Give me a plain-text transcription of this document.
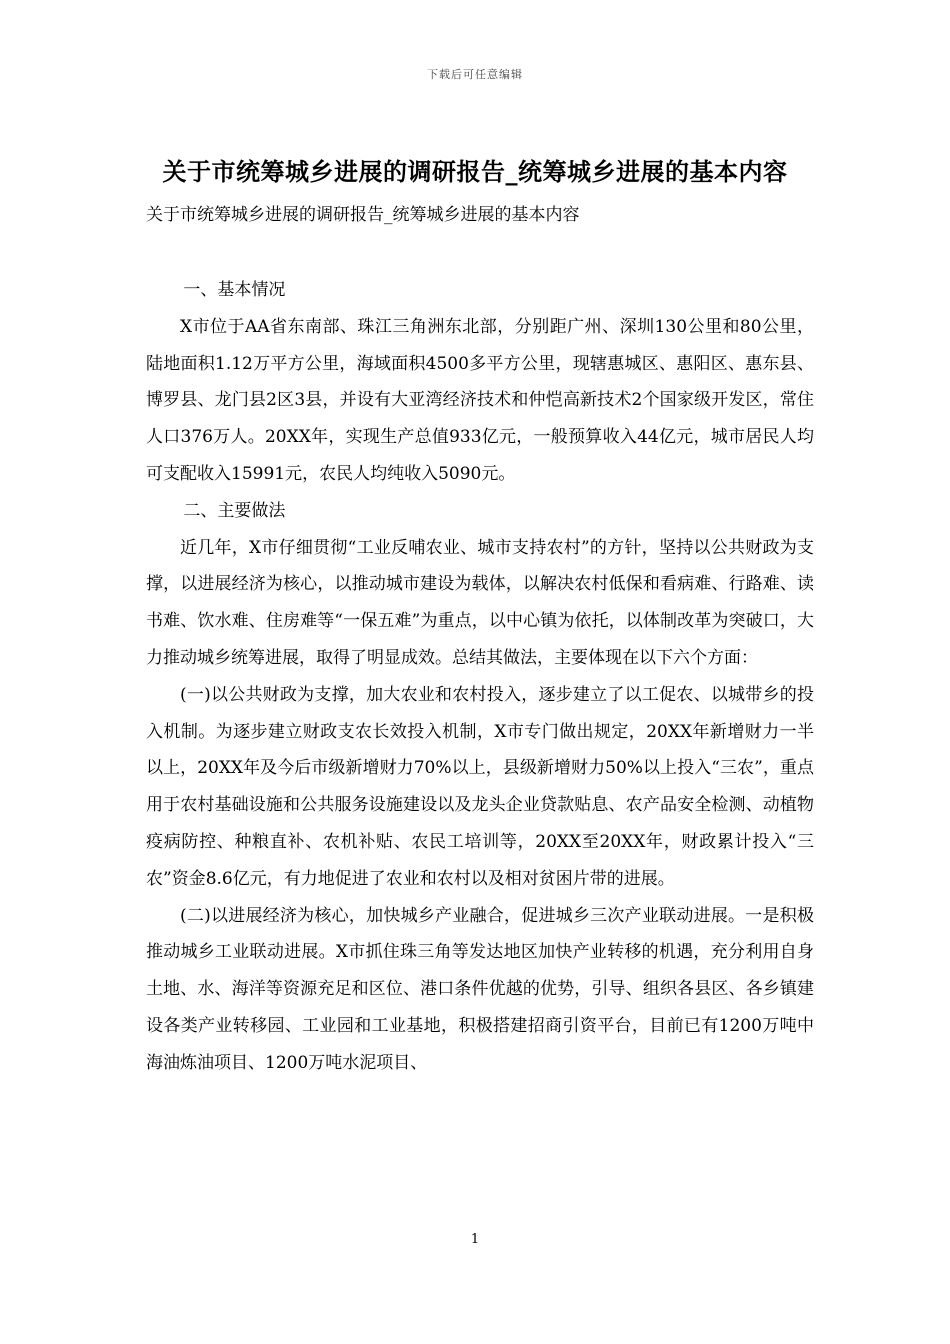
下载后可任意编辑
关于市统筹城乡进展的调研报告_统筹城乡进展的基本内容
关于市统筹城乡进展的调研报告_统筹城乡进展的基本内容

一、基本情况

X市位于AA省东南部、珠江三角洲东北部，分别距广州、深圳130公里和80公里，陆地面积1.12万平方公里，海域面积4500多平方公里，现辖惠城区、惠阳区、惠东县、博罗县、龙门县2区3县，并设有大亚湾经济技术和仲恺高新技术2个国家级开发区，常住人口376万人。20XX年，实现生产总值933亿元，一般预算收入44亿元，城市居民人均可支配收入15991元，农民人均纯收入5090元。

二、主要做法

近几年，X市仔细贯彻“工业反哺农业、城市支持农村”的方针，坚持以公共财政为支撑，以进展经济为核心，以推动城市建设为载体，以解决农村低保和看病难、行路难、读书难、饮水难、住房难等“一保五难”为重点，以中心镇为依托，以体制改革为突破口，大力推动城乡统筹进展，取得了明显成效。总结其做法，主要体现在以下六个方面：

(一)以公共财政为支撑，加大农业和农村投入，逐步建立了以工促农、以城带乡的投入机制。为逐步建立财政支农长效投入机制，X市专门做出规定，20XX年新增财力一半以上，20XX年及今后市级新增财力70%以上，县级新增财力50%以上投入“三农”，重点用于农村基础设施和公共服务设施建设以及龙头企业贷款贴息、农产品安全检测、动植物疫病防控、种粮直补、农机补贴、农民工培训等，20XX至20XX年，财政累计投入“三农”资金8.6亿元，有力地促进了农业和农村以及相对贫困片带的进展。

(二)以进展经济为核心，加快城乡产业融合，促进城乡三次产业联动进展。一是积极推动城乡工业联动进展。X市抓住珠三角等发达地区加快产业转移的机遇，充分利用自身土地、水、海洋等资源充足和区位、港口条件优越的优势，引导、组织各县区、各乡镇建设各类产业转移园、工业园和工业基地，积极搭建招商引资平台，目前已有1200万吨中海油炼油项目、1200万吨水泥项目、

1
